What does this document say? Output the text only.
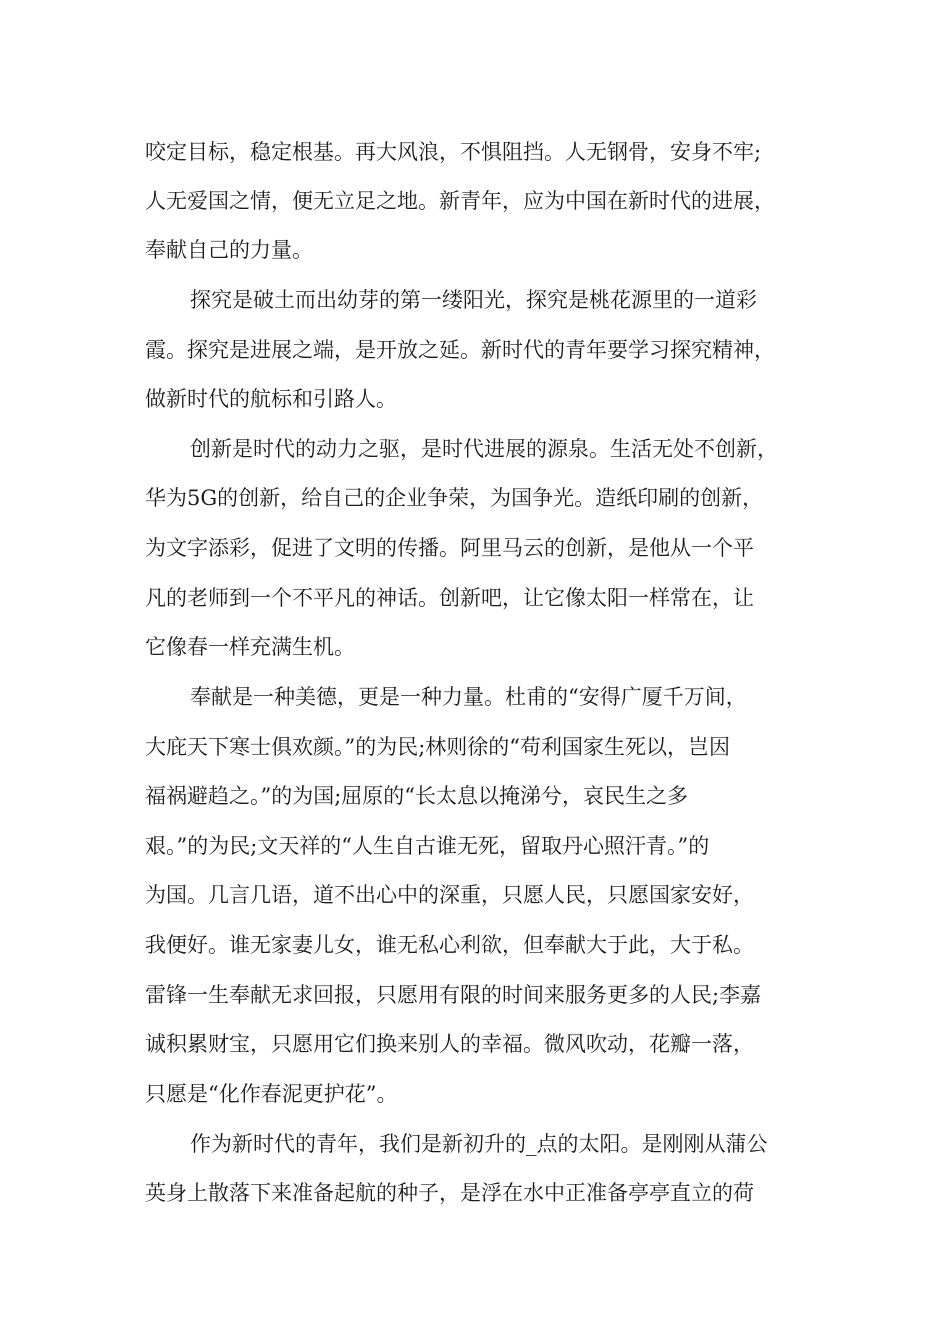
咬定目标，稳定根基。再大风浪，不惧阻挡。人无钢骨，安身不牢;
人无爱国之情，便无立足之地。新青年，应为中国在新时代的进展，
奉献自己的力量。
探究是破土而出幼芽的第一缕阳光，探究是桃花源里的一道彩
霞。探究是进展之端，是开放之延。新时代的青年要学习探究精神，
做新时代的航标和引路人。
创新是时代的动力之驱，是时代进展的源泉。生活无处不创新，
华为5G的创新，给自己的企业争荣，为国争光。造纸印刷的创新，
为文字添彩，促进了文明的传播。阿里马云的创新，是他从一个平
凡的老师到一个不平凡的神话。创新吧，让它像太阳一样常在，让
它像春一样充满生机。
奉献是一种美德，更是一种力量。杜甫的“安得广厦千万间，
大庇天下寒士俱欢颜。”的为民;林则徐的“苟利国家生死以，岂因
福祸避趋之。”的为国;屈原的“长太息以掩涕兮，哀民生之多
艰。”的为民;文天祥的“人生自古谁无死，留取丹心照汗青。”的
为国。几言几语，道不出心中的深重，只愿人民，只愿国家安好，
我便好。谁无家妻儿女，谁无私心利欲，但奉献大于此，大于私。
雷锋一生奉献无求回报，只愿用有限的时间来服务更多的人民;李嘉
诚积累财宝，只愿用它们换来别人的幸福。微风吹动，花瓣一落，
只愿是“化作春泥更护花”。
作为新时代的青年，我们是新初升的_点的太阳。是刚刚从蒲公
英身上散落下来准备起航的种子，是浮在水中正准备亭亭直立的荷
